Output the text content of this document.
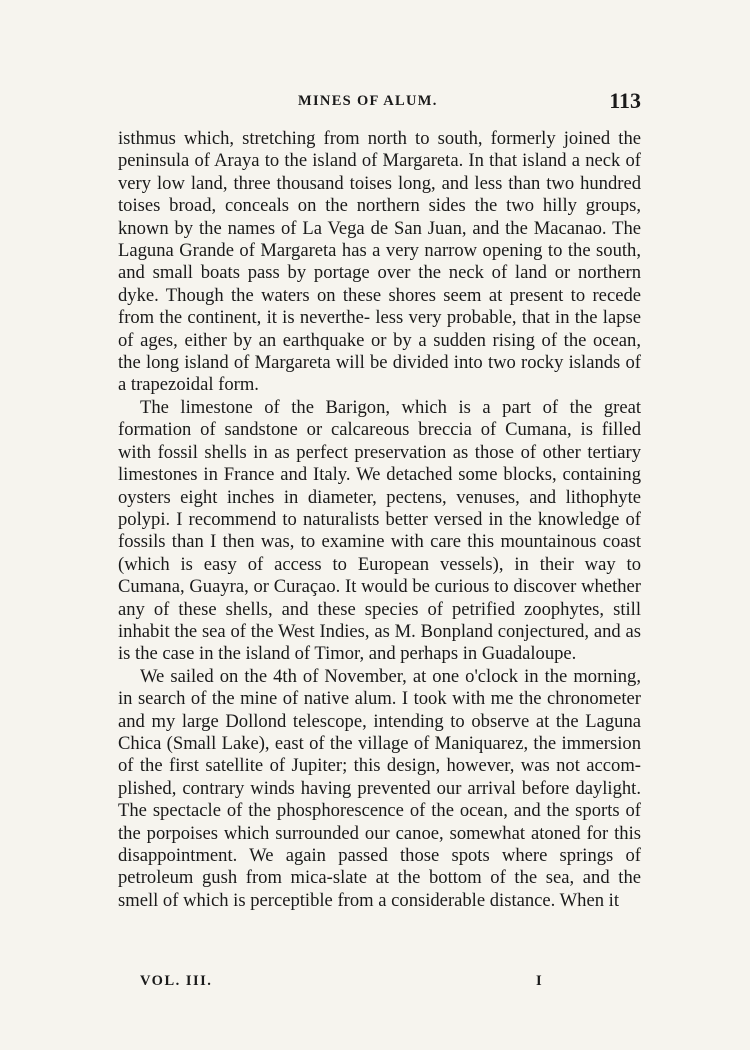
MINES OF ALUM.	113

isthmus which, stretching from north to south, formerly joined the peninsula of Araya to the island of Margareta. In that island a neck of very low land, three thousand toises long, and less than two hundred toises broad, conceals on the northern sides the two hilly groups, known by the names of La Vega de San Juan, and the Macanao. The Laguna Grande of Margareta has a very narrow opening to the south, and small boats pass by portage over the neck of land or northern dyke. Though the waters on these shores seem at present to recede from the continent, it is neverthe- less very probable, that in the lapse of ages, either by an earthquake or by a sudden rising of the ocean, the long island of Margareta will be divided into two rocky islands of a trapezoidal form.

The limestone of the Barigon, which is a part of the great formation of sandstone or calcareous breccia of Cumana, is filled with fossil shells in as perfect preservation as those of other tertiary limestones in France and Italy. We detached some blocks, containing oysters eight inches in diameter, pectens, venuses, and lithophyte polypi. I recommend to naturalists better versed in the knowledge of fossils than I then was, to examine with care this mountainous coast (which is easy of access to European vessels), in their way to Cumana, Guayra, or Curaçao. It would be curious to discover whether any of these shells, and these species of petrified zoophytes, still inhabit the sea of the West Indies, as M. Bonpland conjectured, and as is the case in the island of Timor, and perhaps in Guadaloupe.

We sailed on the 4th of November, at one o'clock in the morning, in search of the mine of native alum. I took with me the chronometer and my large Dollond telescope, intending to observe at the Laguna Chica (Small Lake), east of the village of Maniquarez, the immersion of the first satellite of Jupiter; this design, however, was not accom- plished, contrary winds having prevented our arrival before daylight. The spectacle of the phosphorescence of the ocean, and the sports of the porpoises which surrounded our canoe, somewhat atoned for this disappointment. We again passed those spots where springs of petroleum gush from mica-slate at the bottom of the sea, and the smell of which is perceptible from a considerable distance. When it

VOL. III.	I
